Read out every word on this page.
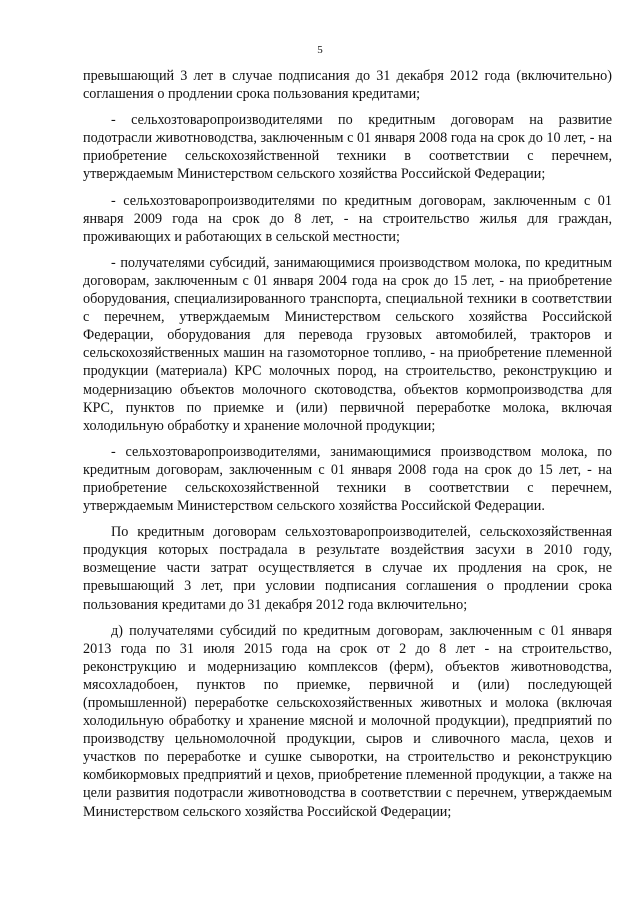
5

превышающий 3 лет в случае подписания до 31 декабря 2012 года (включительно) соглашения о продлении срока пользования кредитами;

- сельхозтоваропроизводителями по кредитным договорам на развитие подотрасли животноводства, заключенным с 01 января 2008 года на срок до 10 лет, - на приобретение сельскохозяйственной техники в соответствии с перечнем, утверждаемым Министерством сельского хозяйства Российской Федерации;

- сельхозтоваропроизводителями по кредитным договорам, заключенным с 01 января 2009 года на срок до 8 лет, - на строительство жилья для граждан, проживающих и работающих в сельской местности;

- получателями субсидий, занимающимися производством молока, по кредитным договорам, заключенным с 01 января 2004 года на срок до 15 лет, - на приобретение оборудования, специализированного транспорта, специальной техники в соответствии с перечнем, утверждаемым Министерством сельского хозяйства Российской Федерации, оборудования для перевода грузовых автомобилей, тракторов и сельскохозяйственных машин на газомоторное топливо, - на приобретение племенной продукции (материала) КРС молочных пород, на строительство, реконструкцию и модернизацию объектов молочного скотоводства, объектов кормопроизводства для КРС, пунктов по приемке и (или) первичной переработке молока, включая холодильную обработку и хранение молочной продукции;

- сельхозтоваропроизводителями, занимающимися производством молока, по кредитным договорам, заключенным с 01 января 2008 года на срок до 15 лет, - на приобретение сельскохозяйственной техники в соответствии с перечнем, утверждаемым Министерством сельского хозяйства Российской Федерации.

По кредитным договорам сельхозтоваропроизводителей, сельскохозяйственная продукция которых пострадала в результате воздействия засухи в 2010 году, возмещение части затрат осуществляется в случае их продления на срок, не превышающий 3 лет, при условии подписания соглашения о продлении срока пользования кредитами до 31 декабря 2012 года включительно;

д) получателями субсидий по кредитным договорам, заключенным с 01 января 2013 года по 31 июля 2015 года на срок от 2 до 8 лет - на строительство, реконструкцию и модернизацию комплексов (ферм), объектов животноводства, мясохладобоен, пунктов по приемке, первичной и (или) последующей (промышленной) переработке сельскохозяйственных животных и молока (включая холодильную обработку и хранение мясной и молочной продукции), предприятий по производству цельномолочной продукции, сыров и сливочного масла, цехов и участков по переработке и сушке сыворотки, на строительство и реконструкцию комбикормовых предприятий и цехов, приобретение племенной продукции, а также на цели развития подотрасли животноводства в соответствии с перечнем, утверждаемым Министерством сельского хозяйства Российской Федерации;
